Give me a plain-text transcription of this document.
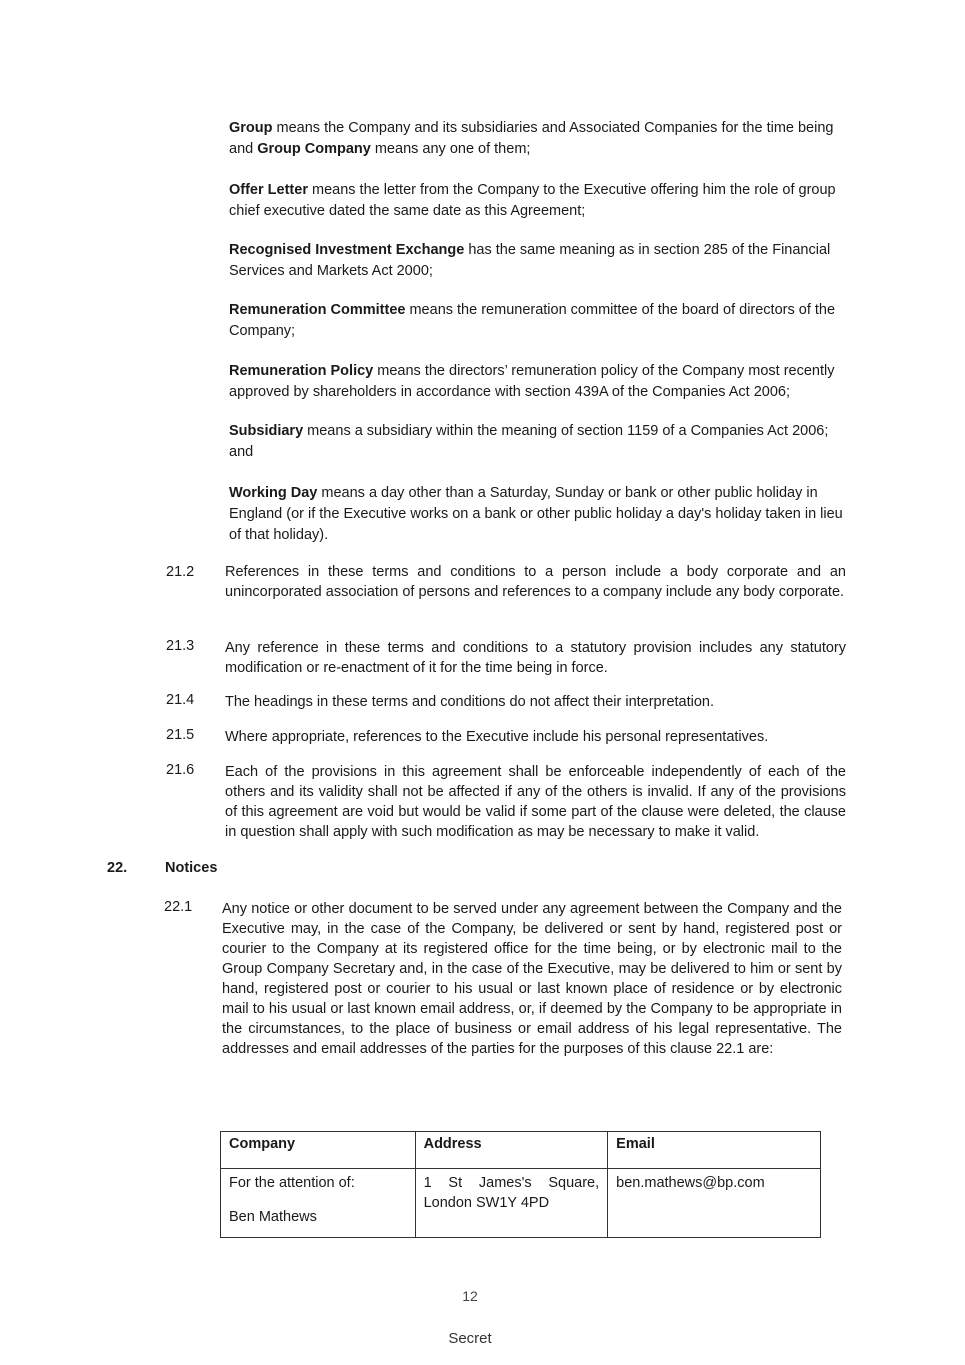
Group means the Company and its subsidiaries and Associated Companies for the time being and Group Company means any one of them;
Offer Letter means the letter from the Company to the Executive offering him the role of group chief executive dated the same date as this Agreement;
Recognised Investment Exchange has the same meaning as in section 285 of the Financial Services and Markets Act 2000;
Remuneration Committee means the remuneration committee of the board of directors of the Company;
Remuneration Policy means the directors’ remuneration policy of the Company most recently approved by shareholders in accordance with section 439A of the Companies Act 2006;
Subsidiary means a subsidiary within the meaning of section 1159 of a Companies Act 2006; and
Working Day means a day other than a Saturday, Sunday or bank or other public holiday in England (or if the Executive works on a bank or other public holiday a day's holiday taken in lieu of that holiday).
21.2 References in these terms and conditions to a person include a body corporate and an unincorporated association of persons and references to a company include any body corporate.
21.3 Any reference in these terms and conditions to a statutory provision includes any statutory modification or re-enactment of it for the time being in force.
21.4 The headings in these terms and conditions do not affect their interpretation.
21.5 Where appropriate, references to the Executive include his personal representatives.
21.6 Each of the provisions in this agreement shall be enforceable independently of each of the others and its validity shall not be affected if any of the others is invalid. If any of the provisions of this agreement are void but would be valid if some part of the clause were deleted, the clause in question shall apply with such modification as may be necessary to make it valid.
22.	Notices
22.1 Any notice or other document to be served under any agreement between the Company and the Executive may, in the case of the Company, be delivered or sent by hand, registered post or courier to the Company at its registered office for the time being, or by electronic mail to the Group Company Secretary and, in the case of the Executive, may be delivered to him or sent by hand, registered post or courier to his usual or last known place of residence or by electronic mail to his usual or last known email address, or, if deemed by the Company to be appropriate in the circumstances, to the place of business or email address of his legal representative. The addresses and email addresses of the parties for the purposes of this clause 22.1 are:
Company	Address	Email

For the attention of:
Ben Mathews	1 St James's Square, London SW1Y 4PD	ben.mathews@bp.com
12
Secret
